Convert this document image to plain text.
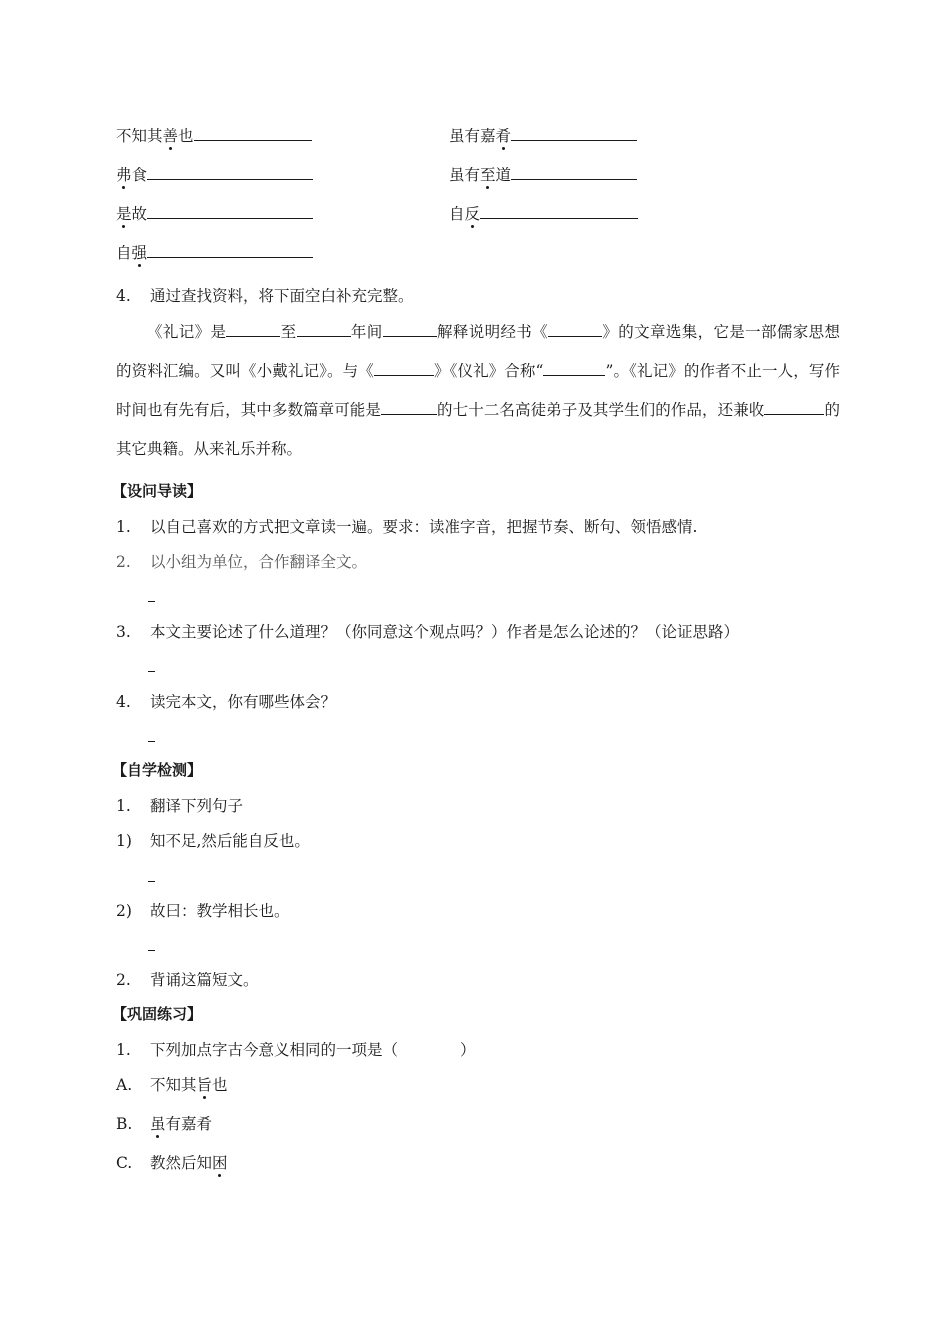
不知其善也	虽有嘉肴
弗食	虽有至道
是故	自反
自强
4. 通过查找资料，将下面空白补充完整。
《礼记》是	至	年间	解释说明经书《	》的文章选集，它是一部儒家思想的资料汇编。又叫《小戴礼记》。与《	》《仪礼》合称“	”。《礼记》的作者不止一人，写作时间也有先有后，其中多数篇章可能是	的七十二名高徒弟子及其学生们的作品，还兼收	的其它典籍。从来礼乐并称。
【设问导读】
1. 以自己喜欢的方式把文章读一遍。要求：读准字音，把握节奏、断句、领悟感情.
2. 以小组为单位，合作翻译全文。
3. 本文主要论述了什么道理？（你同意这个观点吗？）作者是怎么论述的？（论证思路）
4. 读完本文，你有哪些体会？
【自学检测】
1. 翻译下列句子
1) 知不足,然后能自反也。
2) 故曰：教学相长也。
2. 背诵这篇短文。
【巩固练习】
1. 下列加点字古今意义相同的一项是（　　　　）
A. 不知其旨也
B. 虽有嘉肴
C. 教然后知困
